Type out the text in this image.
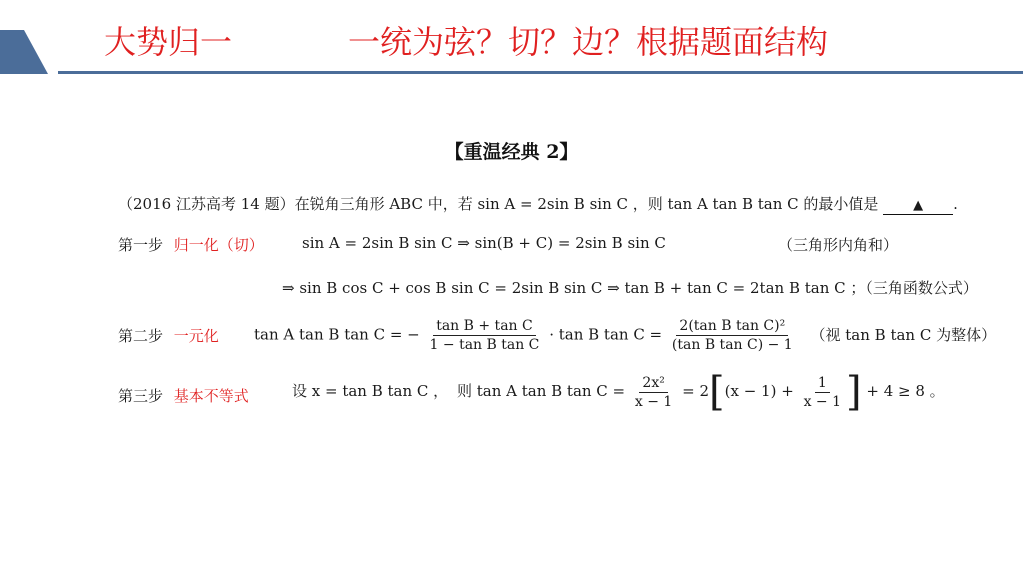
大势归一	一统为弦？切？边？根据题面结构
【重温经典 2】
（2016 江苏高考 14 题）在锐角三角形 ABC 中，若 sin A = 2sin B sin C ，则 tan A tan B tan C 的最小值是	▲ .
第一步 归一化（切）	sin A = 2sin B sin C ⇒ sin(B + C) = 2sin B sin C	（三角形内角和）
⇒ sin B cos C + cos B sin C = 2sin B sin C ⇒ tan B + tan C = 2tan B tan C ；（三角函数公式）
第二步 一元化 tan A tan B tan C = − $\frac{\text{tan B + tan C}}{\text{1 − tan B tan C}} \cdot \tan B$ $\tan C = \frac{\text{2(tan B tan C)²}}{\text{(tan B tan C) − 1}}$ （视 tan B tan C 为整体）
第三步 基本不等式	设 x = tan B tan C ， 则 tan A tan B $\tan C = \frac{\text{2x²}}{x - 1} = 2[(x - 1) + \frac{1}{x - 1}$ ] + 4 ≥ 8 。
